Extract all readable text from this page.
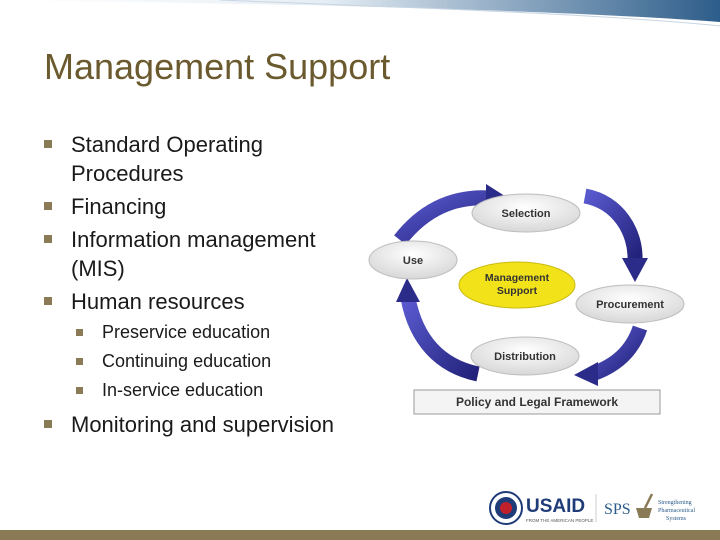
Management Support
Standard Operating Procedures
Financing
Information management (MIS)
Human resources
Preservice education
Continuing education
In-service education
Monitoring and supervision
Selection
Use
Procurement
Distribution
Management
Support
Policy and Legal Framework
USAID
FROM THE AMERICAN PEOPLE
SPS	Strengthening
Pharmaceutical
Systems
